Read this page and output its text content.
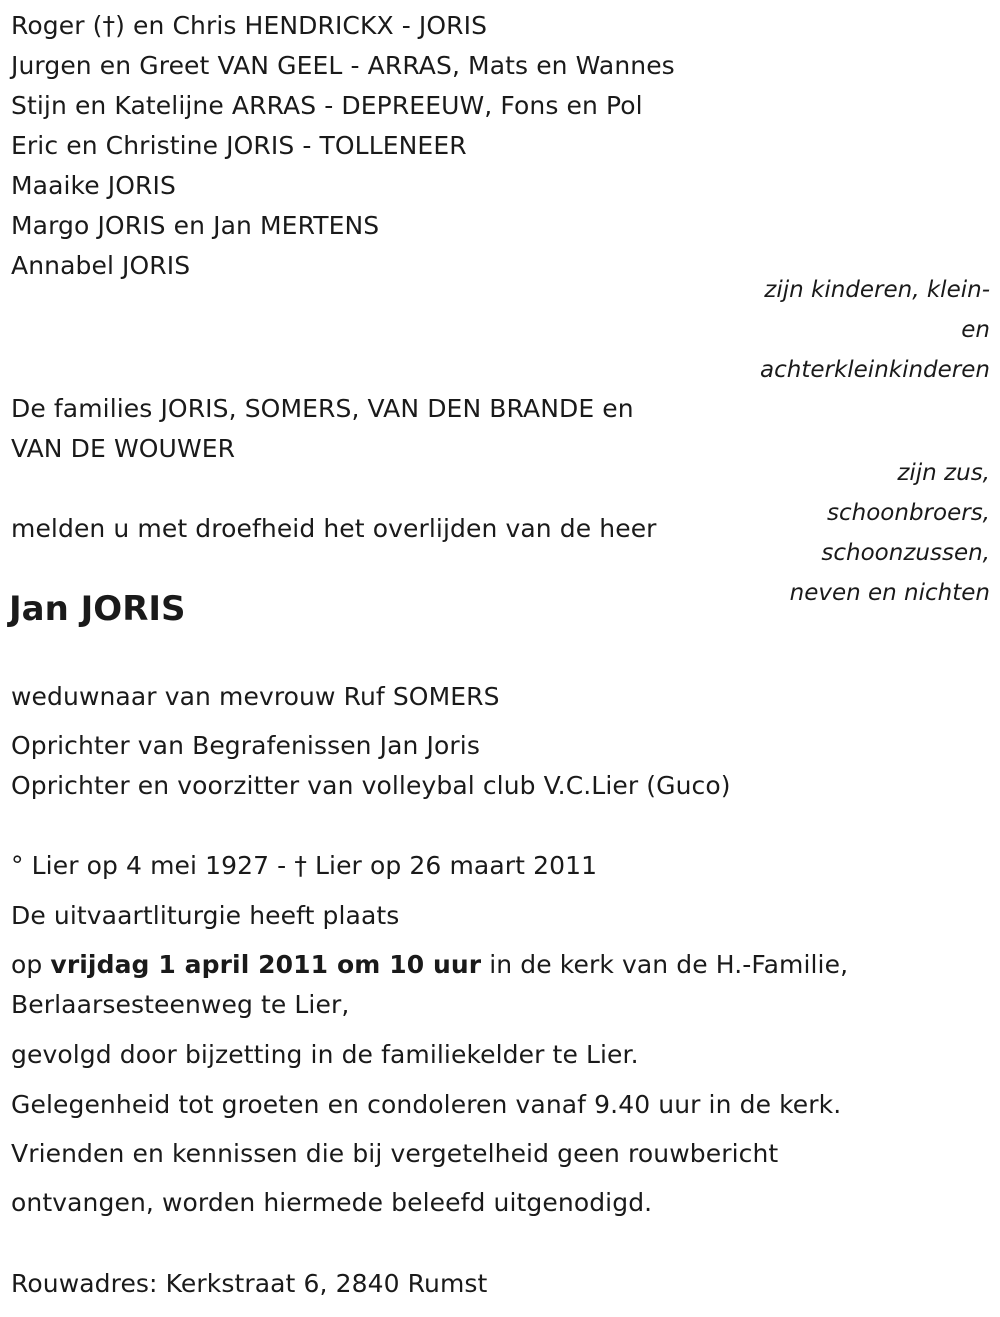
Roger (†) en Chris HENDRICKX - JORIS
Jurgen en Greet VAN GEEL - ARRAS, Mats en Wannes
Stijn en Katelijne ARRAS - DEPREEUW, Fons en Pol
Eric en Christine JORIS - TOLLENEER
Maaike JORIS
Margo JORIS en Jan MERTENS
Annabel JORIS
zijn kinderen, klein-
en
achterkleinkinderen
De families JORIS, SOMERS, VAN DEN BRANDE en
VAN DE WOUWER
zijn zus,
schoonbroers,
schoonzussen,
neven en nichten
melden u met droefheid het overlijden van de heer
Jan JORIS
weduwnaar van mevrouw Ruf SOMERS
Oprichter van Begrafenissen Jan Joris
Oprichter en voorzitter van volleybal club V.C.Lier (Guco)
° Lier op 4 mei 1927 - † Lier op 26 maart 2011
De uitvaartliturgie heeft plaats
op vrijdag 1 april 2011 om 10 uur in de kerk van de H.-Familie,
Berlaarsesteenweg te Lier,
gevolgd door bijzetting in de familiekelder te Lier.
Gelegenheid tot groeten en condoleren vanaf 9.40 uur in de kerk.
Vrienden en kennissen die bij vergetelheid geen rouwbericht
ontvangen, worden hiermede beleefd uitgenodigd.
Rouwadres: Kerkstraat 6, 2840 Rumst
